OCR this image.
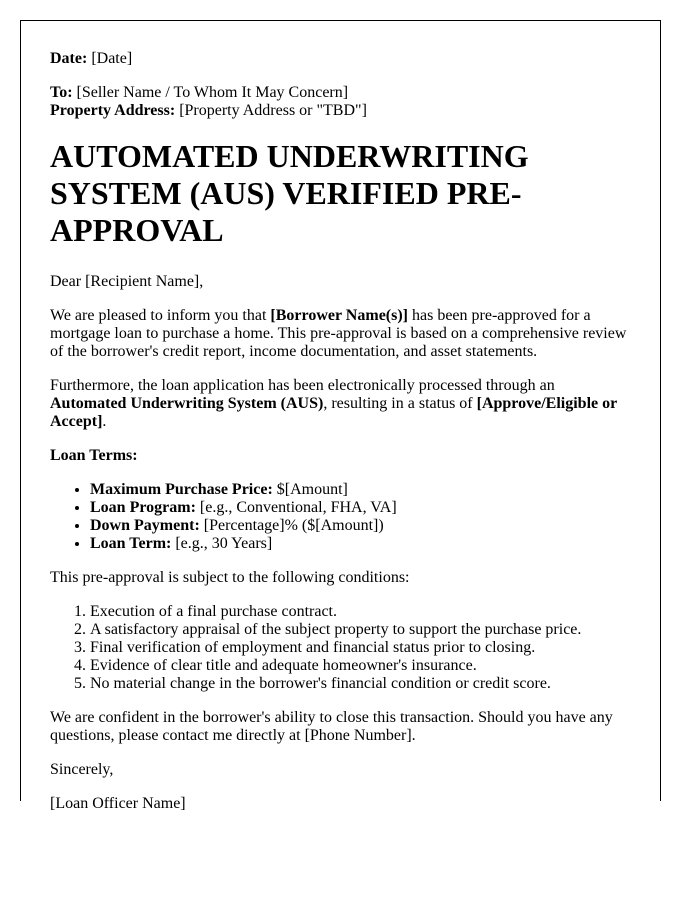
Date: [Date]

To: [Seller Name / To Whom It May Concern]

Property Address: [Property Address or "TBD"]

AUTOMATED UNDERWRITING SYSTEM (AUS) VERIFIED PRE-APPROVAL

Dear [Recipient Name],

We are pleased to inform you that [Borrower Name(s)] has been pre-approved for a mortgage loan to purchase a home. This pre-approval is based on a comprehensive review of the borrower's credit report, income documentation, and asset statements.

Furthermore, the loan application has been electronically processed through an Automated Underwriting System (AUS), resulting in a status of [Approve/Eligible or Accept].

Loan Terms:

• Maximum Purchase Price: $[Amount]
• Loan Program: [e.g., Conventional, FHA, VA]
• Down Payment: [Percentage]% ($[Amount])
• Loan Term: [e.g., 30 Years]

This pre-approval is subject to the following conditions:

1. Execution of a final purchase contract.
2. A satisfactory appraisal of the subject property to support the purchase price.
3. Final verification of employment and financial status prior to closing.
4. Evidence of clear title and adequate homeowner's insurance.
5. No material change in the borrower's financial condition or credit score.

We are confident in the borrower's ability to close this transaction. Should you have any questions, please contact me directly at [Phone Number].

Sincerely,

[Loan Officer Name]
